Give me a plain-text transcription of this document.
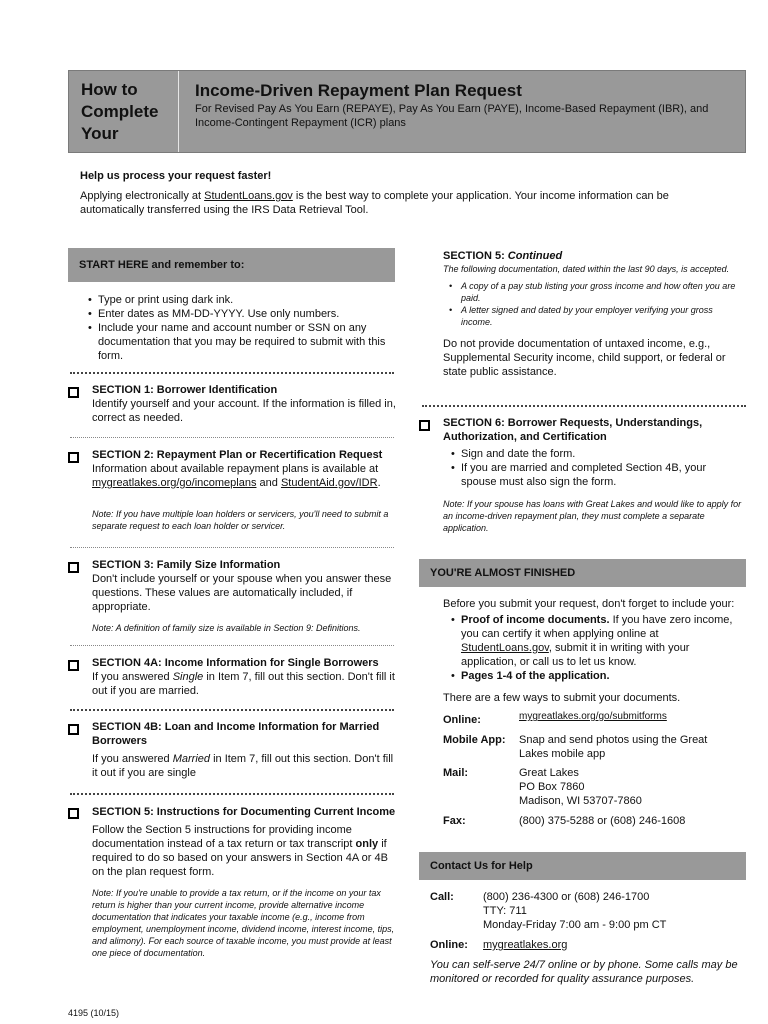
How to
Complete
Your
Income-Driven Repayment Plan Request
For Revised Pay As You Earn (REPAYE), Pay As You Earn (PAYE), Income-Based Repayment (IBR), and Income-Contingent Repayment (ICR) plans
Help us process your request faster!
Applying electronically at StudentLoans.gov is the best way to complete your application. Your income information can be automatically transferred using the IRS Data Retrieval Tool.
START HERE and remember to:
• Type or print using dark ink.
• Enter dates as MM-DD-YYYY. Use only numbers.
• Include your name and account number or SSN on any documentation that you may be required to submit with this form.
SECTION 1: Borrower Identification
Identify yourself and your account. If the information is filled in, correct as needed.
SECTION 2: Repayment Plan or Recertification Request
Information about available repayment plans is available at mygreatlakes.org/go/incomeplans and StudentAid.gov/IDR.
Note: If you have multiple loan holders or servicers, you'll need to submit a separate request to each loan holder or servicer.
SECTION 3: Family Size Information
Don't include yourself or your spouse when you answer these questions. These values are automatically included, if appropriate.
Note: A definition of family size is available in Section 9: Definitions.
SECTION 4A: Income Information for Single Borrowers
If you answered Single in Item 7, fill out this section. Don't fill it out if you are married.
SECTION 4B: Loan and Income Information for Married Borrowers
If you answered Married in Item 7, fill out this section. Don't fill it out if you are single
SECTION 5: Instructions for Documenting Current Income
Follow the Section 5 instructions for providing income documentation instead of a tax return or tax transcript only if required to do so based on your answers in Section 4A or 4B on the plan request form.
Note: If you're unable to provide a tax return, or if the income on your tax return is higher than your current income, provide alternative income documentation that indicates your taxable income (e.g., income from employment, unemployment income, dividend income, interest income, tips, and alimony). For each source of taxable income, you must provide at least one piece of documentation.
SECTION 5: Continued
The following documentation, dated within the last 90 days, is accepted.
• A copy of a pay stub listing your gross income and how often you are paid.
• A letter signed and dated by your employer verifying your gross income.
Do not provide documentation of untaxed income, e.g., Supplemental Security income, child support, or federal or state public assistance.
SECTION 6: Borrower Requests, Understandings, Authorization, and Certification
• Sign and date the form.
• If you are married and completed Section 4B, your spouse must also sign the form.
Note: If your spouse has loans with Great Lakes and would like to apply for an income-driven repayment plan, they must complete a separate application.
YOU'RE ALMOST FINISHED
Before you submit your request, don't forget to include your:
• Proof of income documents. If you have zero income, you can certify it when applying online at StudentLoans.gov, submit it in writing with your application, or call us to let us know.
• Pages 1-4 of the application.
There are a few ways to submit your documents.
Online:	mygreatlakes.org/go/submitforms
Mobile App: Snap and send photos using the Great Lakes mobile app
Mail:	Great Lakes
PO Box 7860
Madison, WI 53707-7860
Fax:	(800) 375-5288 or (608) 246-1608
Contact Us for Help
Call:	(800) 236-4300 or (608) 246-1700
TTY: 711
Monday-Friday 7:00 am - 9:00 pm CT
Online: mygreatlakes.org
You can self-serve 24/7 online or by phone. Some calls may be monitored or recorded for quality assurance purposes.
4195 (10/15)
